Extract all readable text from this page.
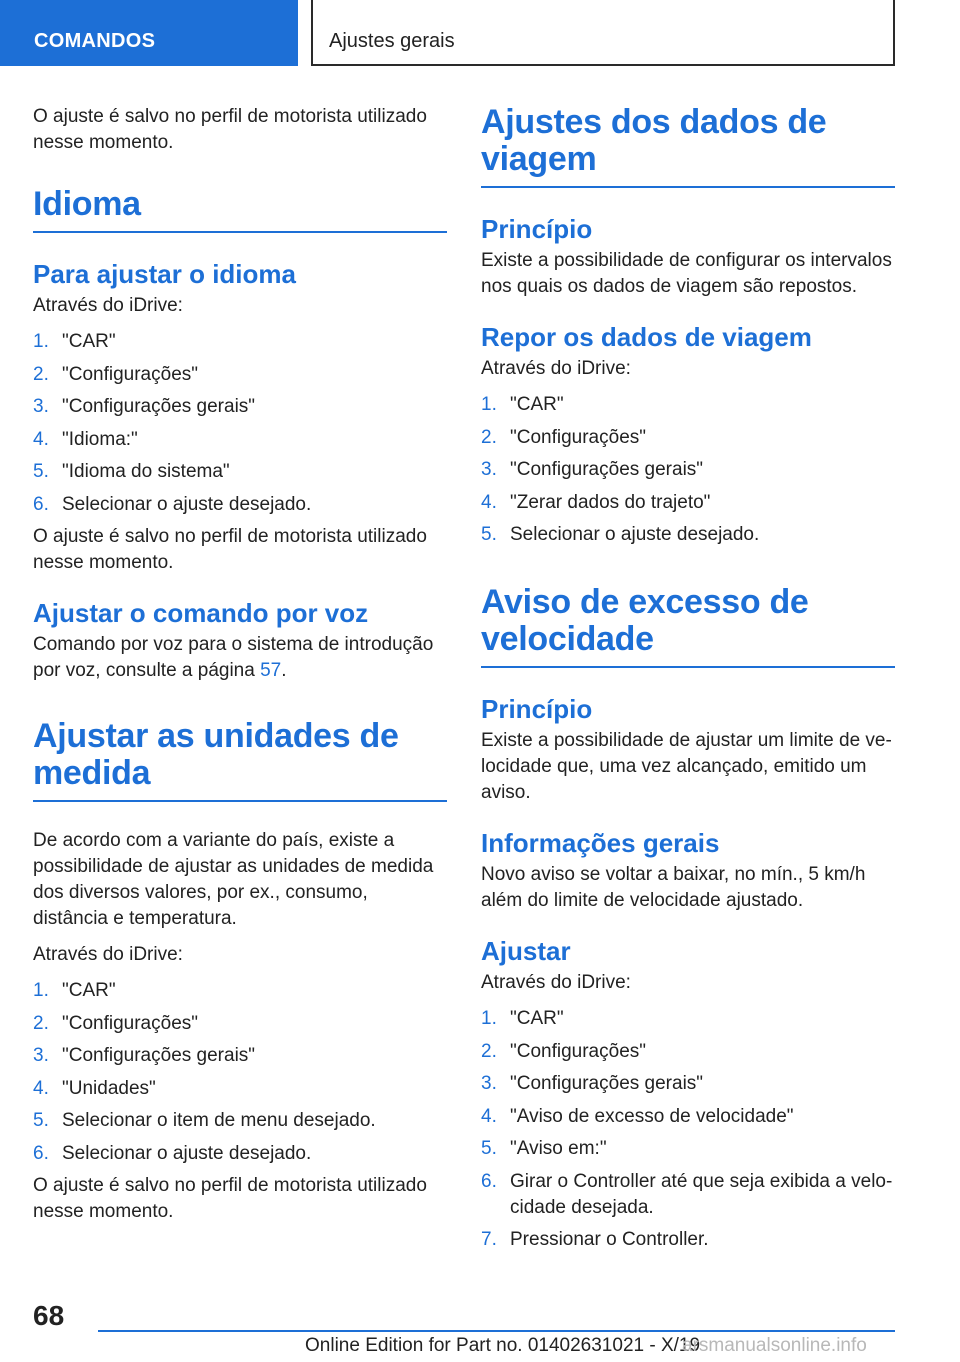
COMANDOS	Ajustes gerais

O ajuste é salvo no perfil de motorista utilizado nesse momento.

Idioma
Para ajustar o idioma

Através do iDrive:

1. "CAR"
2. "Configurações"
3. "Configurações gerais"
4. "Idioma:"
5. "Idioma do sistema"
6. Selecionar o ajuste desejado.

O ajuste é salvo no perfil de motorista utilizado nesse momento.

Ajustar o comando por voz

Comando por voz para o sistema de introdução por voz, consulte a página 57.

Ajustar as unidades de medida

De acordo com a variante do país, existe a possibilidade de ajustar as unidades de medida dos diversos valores, por ex., consumo, distância e temperatura.

Através do iDrive:

1. "CAR"
2. "Configurações"
3. "Configurações gerais"
4. "Unidades"
5. Selecionar o item de menu desejado.
6. Selecionar o ajuste desejado.

O ajuste é salvo no perfil de motorista utilizado nesse momento.

Ajustes dos dados de viagem
Princípio

Existe a possibilidade de configurar os intervalos nos quais os dados de viagem são repostos.

Repor os dados de viagem

Através do iDrive:

1. "CAR"
2. "Configurações"
3. "Configurações gerais"
4. "Zerar dados do trajeto"
5. Selecionar o ajuste desejado.
Aviso de excesso de velocidade
Princípio

Existe a possibilidade de ajustar um limite de velocidade que, uma vez alcançado, emitido um aviso.

Informações gerais

Novo aviso se voltar a baixar, no mín., 5 km/h além do limite de velocidade ajustado.

Ajustar

Através do iDrive:

1. "CAR"
2. "Configurações"
3. "Configurações gerais"
4. "Aviso de excesso de velocidade"
5. "Aviso em:"
6. Girar o Controller até que seja exibida a velocidade desejada.
7. Pressionar o Controller.
68
Online Edition for Part no. 01402631021 - X/19
arsmanualsonline.info
